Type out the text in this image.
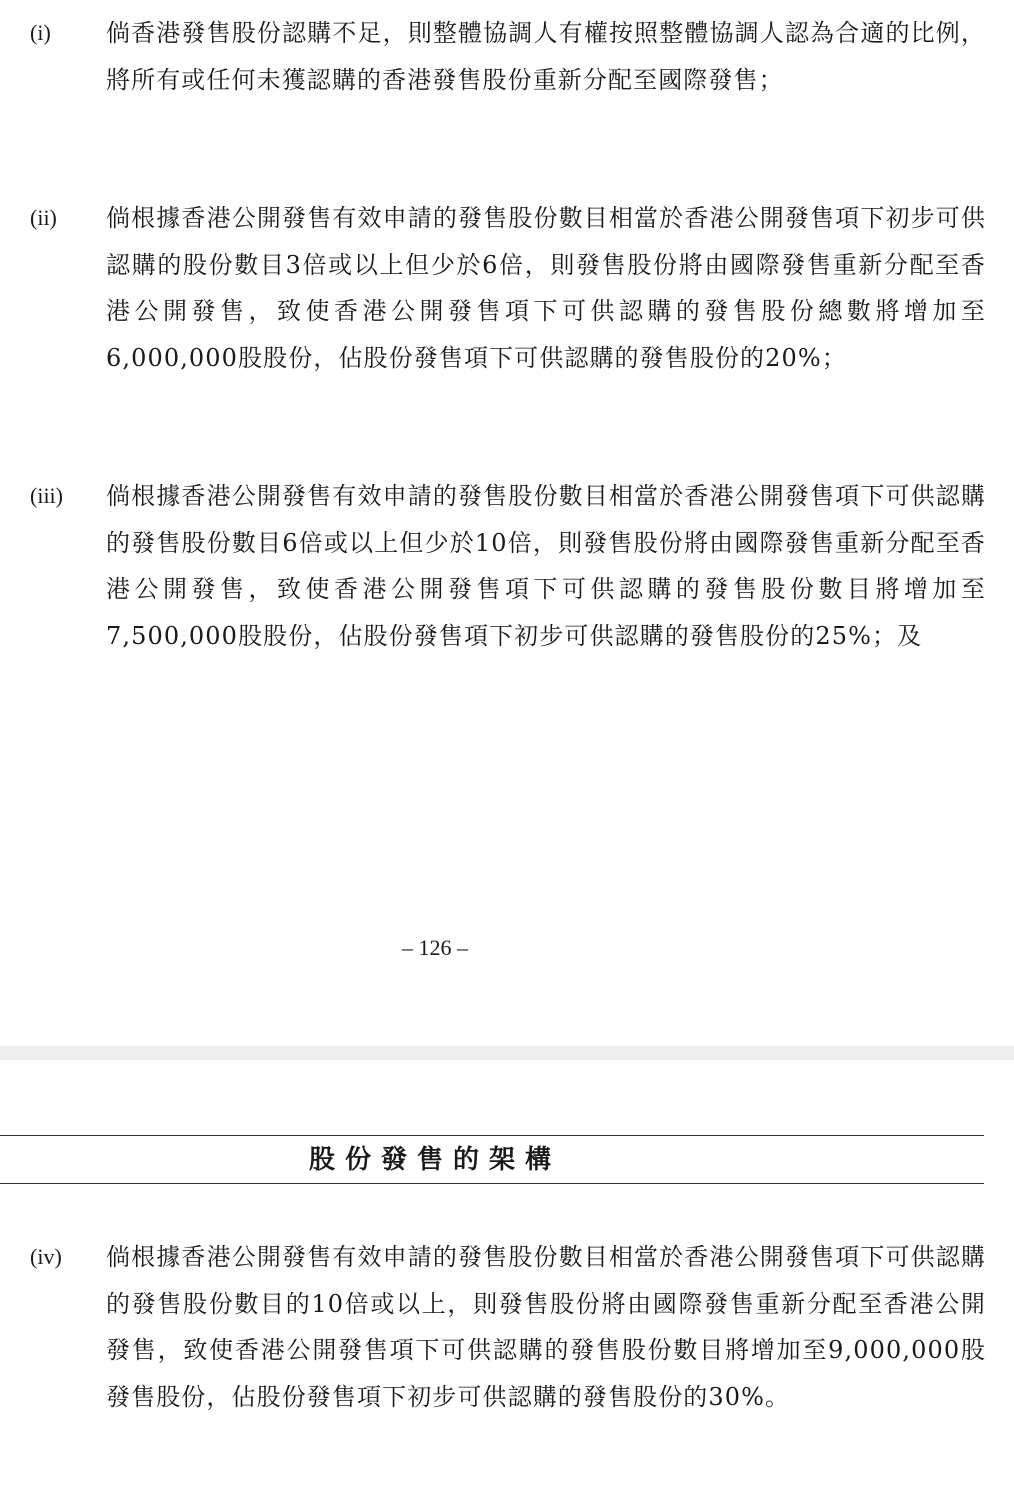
(i) 倘香港發售股份認購不足，則整體協調人有權按照整體協調人認為合適的比例，將所有或任何未獲認購的香港發售股份重新分配至國際發售；
(ii) 倘根據香港公開發售有效申請的發售股份數目相當於香港公開發售項下初步可供認購的股份數目3倍或以上但少於6倍，則發售股份將由國際發售重新分配至香港公開發售，致使香港公開發售項下可供認購的發售股份總數將增加至6,000,000股股份，佔股份發售項下可供認購的發售股份的20%；
(iii) 倘根據香港公開發售有效申請的發售股份數目相當於香港公開發售項下可供認購的發售股份數目6倍或以上但少於10倍，則發售股份將由國際發售重新分配至香港公開發售，致使香港公開發售項下可供認購的發售股份數目將增加至7,500,000股股份，佔股份發售項下初步可供認購的發售股份的25%；及
– 126 –
股份發售的架構
(iv) 倘根據香港公開發售有效申請的發售股份數目相當於香港公開發售項下可供認購的發售股份數目的10倍或以上，則發售股份將由國際發售重新分配至香港公開發售，致使香港公開發售項下可供認購的發售股份數目將增加至9,000,000股發售股份，佔股份發售項下初步可供認購的發售股份的30%。
